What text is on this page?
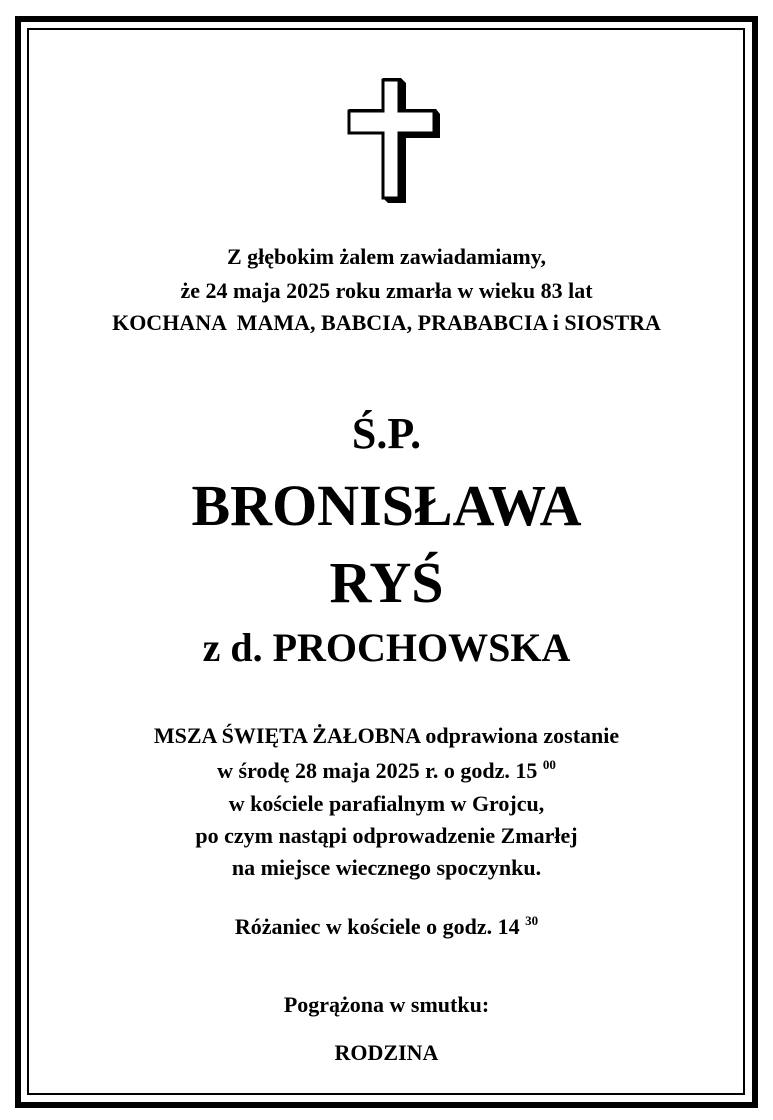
Z głębokim żalem zawiadamiamy,
że 24 maja 2025 roku zmarła w wieku 83 lat
KOCHANA  MAMA, BABCIA, PRABABCIA i SIOSTRA
Ś.P.
BRONISŁAWA
RYŚ
z d. PROCHOWSKA
MSZA ŚWIĘTA ŻAŁOBNA odprawiona zostanie
w środę 28 maja 2025 r. o godz. 15 $^{00}$
w kościele parafialnym w Grojcu,
po czym nastąpi odprowadzenie Zmarłej
na miejsce wiecznego spoczynku.
Różaniec w kościele o godz. 14 $^{30}$
Pogrążona w smutku:
RODZINA
